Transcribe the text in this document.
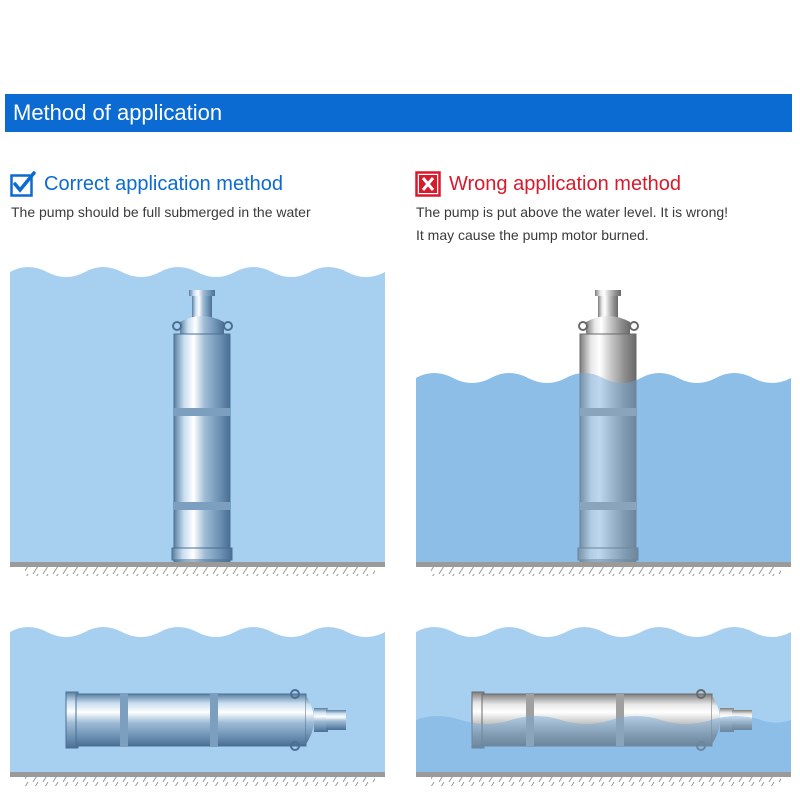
Method of application
Correct application method
The pump should be full submerged in the water
Wrong application method
The pump is put above the water level. It is wrong!
It may cause the pump motor burned.
